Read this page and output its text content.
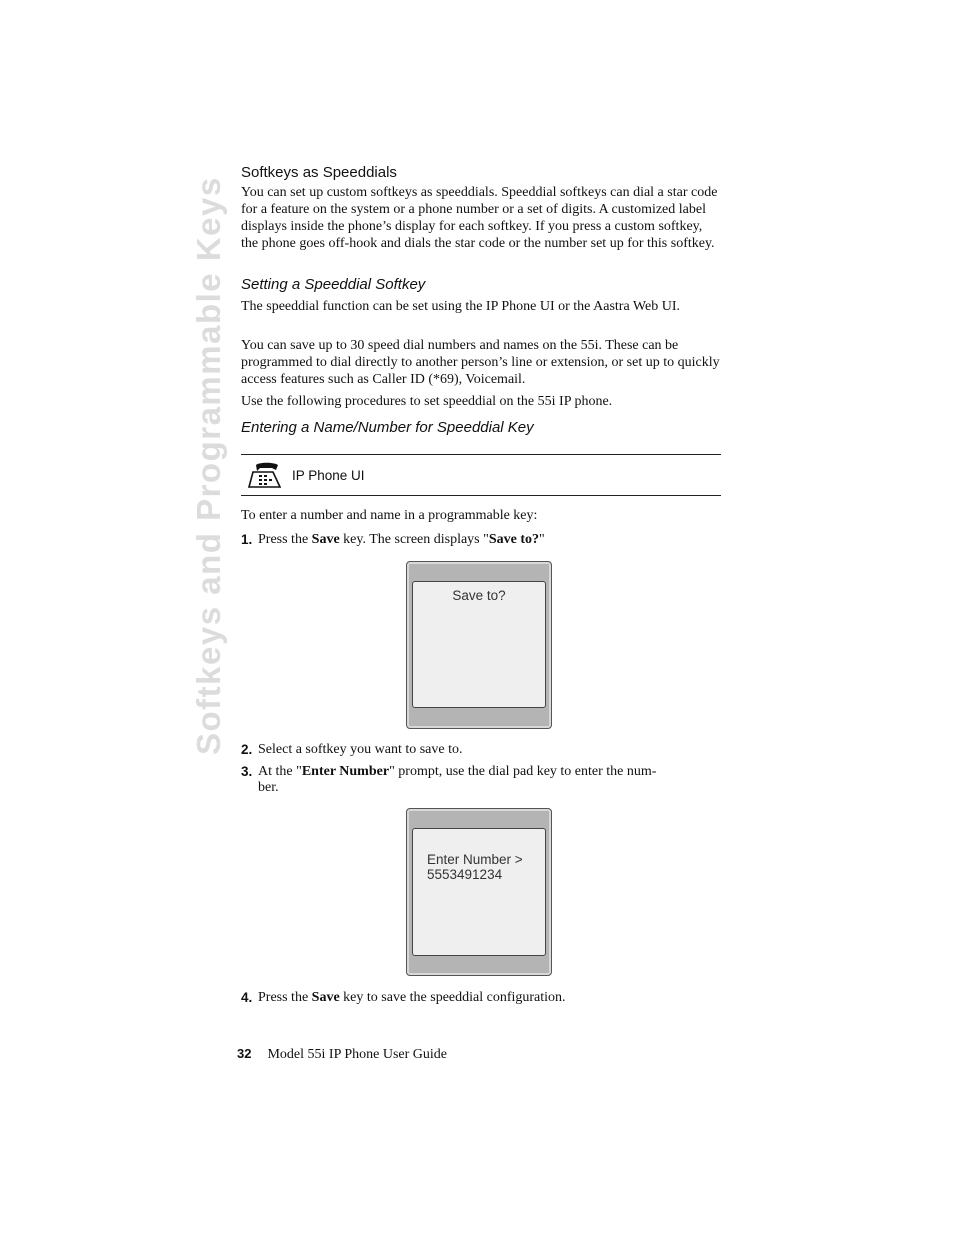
Softkeys and Programmable Keys
Softkeys as Speeddials
You can set up custom softkeys as speeddials. Speeddial softkeys can dial a star code for a feature on the system or a phone number or a set of digits. A customized label displays inside the phone’s display for each softkey. If you press a custom softkey, the phone goes off-hook and dials the star code or the number set up for this softkey.
Setting a Speeddial Softkey
The speeddial function can be set using the IP Phone UI or the Aastra Web UI.
You can save up to 30 speed dial numbers and names on the 55i. These can be programmed to dial directly to another person’s line or extension, or set up to quickly access features such as Caller ID (*69), Voicemail.
Use the following procedures to set speeddial on the 55i IP phone.
Entering a Name/Number for Speeddial Key
IP Phone UI
To enter a number and name in a programmable key:
1. Press the Save key. The screen displays "Save to?"
Save to?
2. Select a softkey you want to save to.
3. At the "Enter Number" prompt, use the dial pad key to enter the num-
ber.
Enter Number >
5553491234
4. Press the Save key to save the speeddial configuration.
32 Model 55i IP Phone User Guide
